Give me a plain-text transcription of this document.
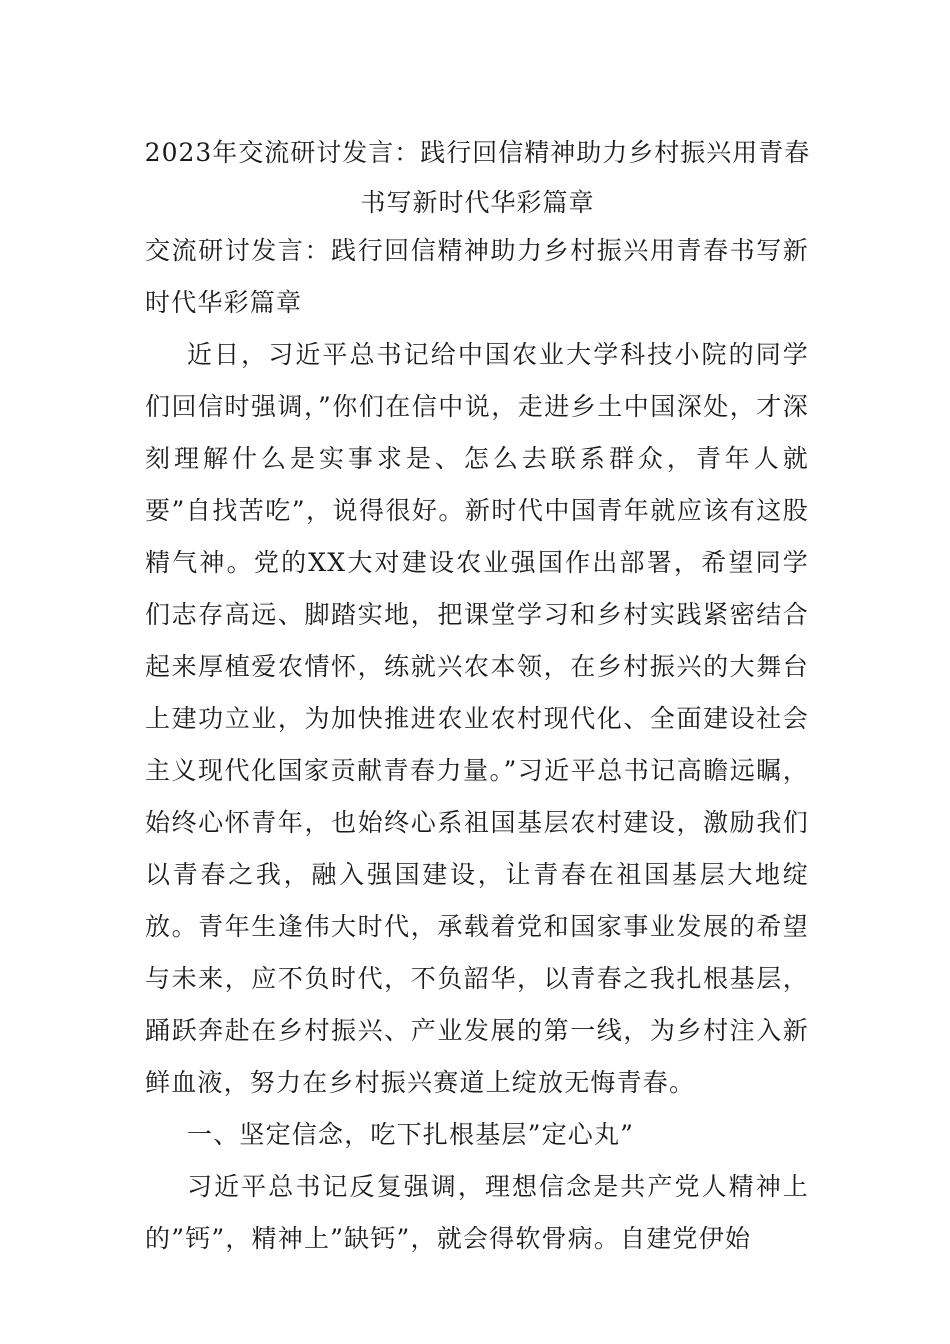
2023年交流研讨发言：践行回信精神助力乡村振兴用青春书写新时代华彩篇章

交流研讨发言：践行回信精神助力乡村振兴用青春书写新时代华彩篇章

近日，习近平总书记给中国农业大学科技小院的同学们回信时强调，”你们在信中说，走进乡土中国深处，才深刻理解什么是实事求是、怎么去联系群众，青年人就要”自找苦吃”，说得很好。新时代中国青年就应该有这股精气神。党的XX大对建设农业强国作出部署，希望同学们志存高远、脚踏实地，把课堂学习和乡村实践紧密结合起来厚植爱农情怀，练就兴农本领，在乡村振兴的大舞台上建功立业，为加快推进农业农村现代化、全面建设社会主义现代化国家贡献青春力量。”习近平总书记高瞻远瞩，始终心怀青年，也始终心系祖国基层农村建设，激励我们以青春之我，融入强国建设，让青春在祖国基层大地绽放。青年生逢伟大时代，承载着党和国家事业发展的希望与未来，应不负时代，不负韶华，以青春之我扎根基层，踊跃奔赴在乡村振兴、产业发展的第一线，为乡村注入新鲜血液，努力在乡村振兴赛道上绽放无悔青春。

一、坚定信念，吃下扎根基层”定心丸”

习近平总书记反复强调，理想信念是共产党人精神上的”钙”，精神上”缺钙”，就会得软骨病。自建党伊始
